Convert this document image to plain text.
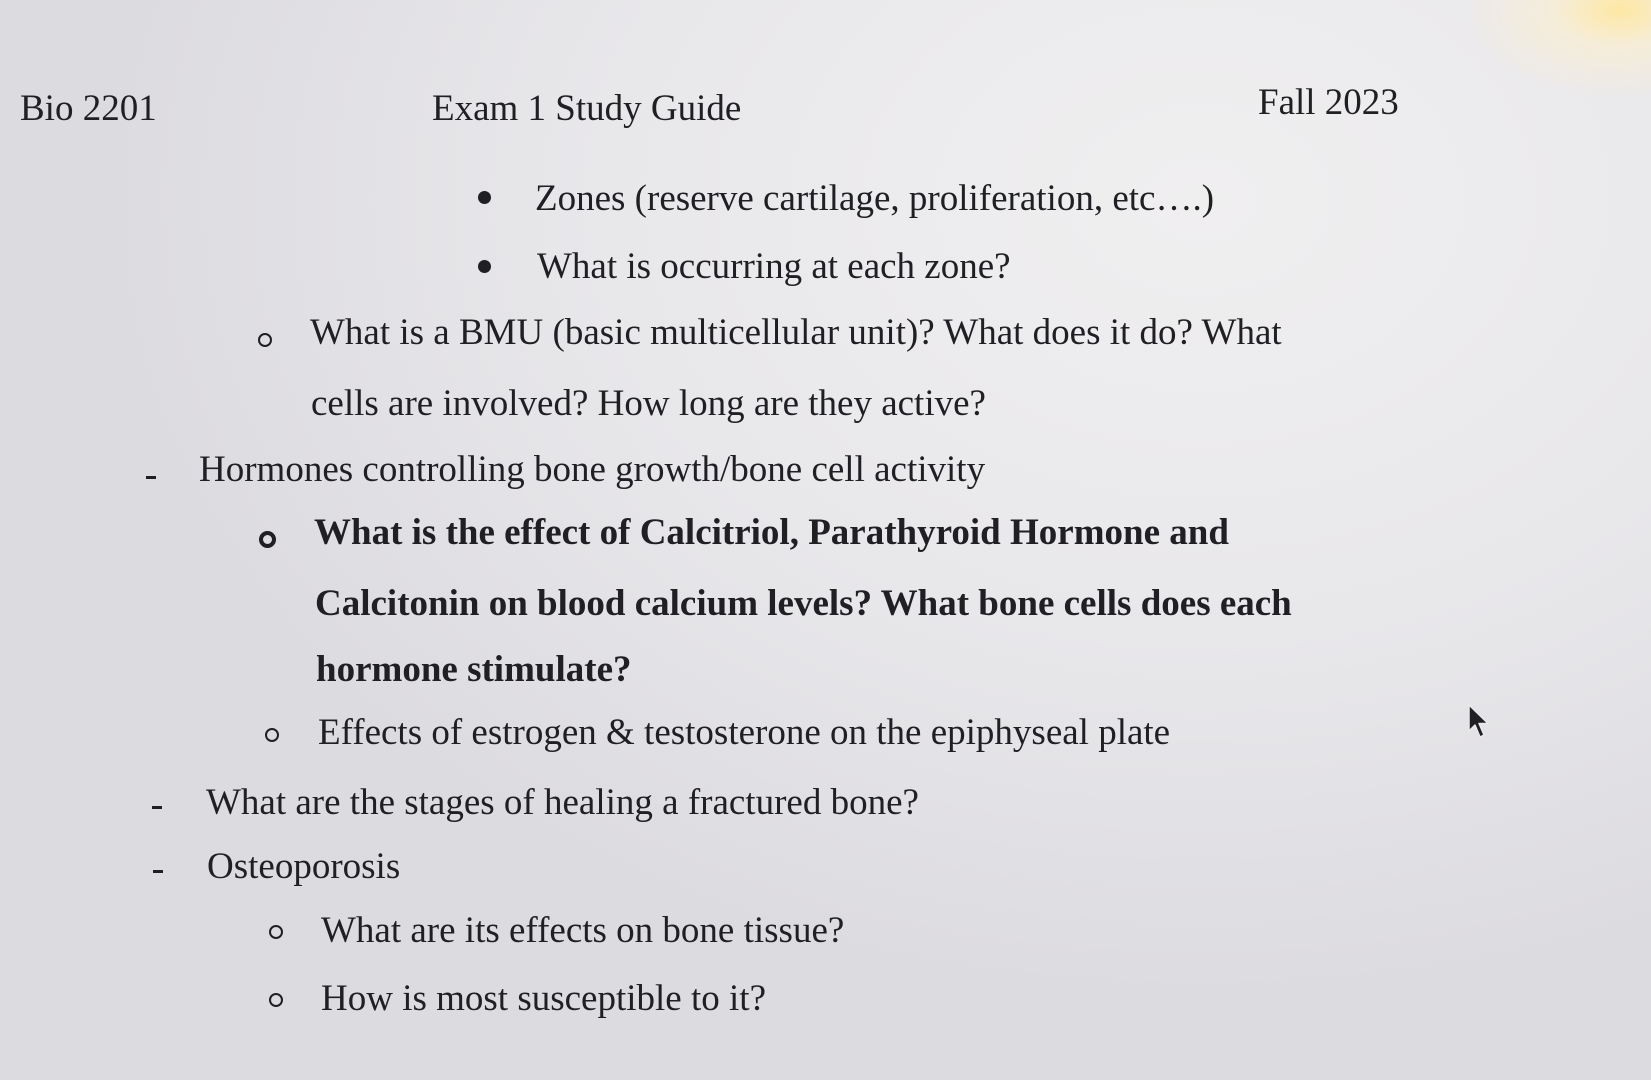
Bio 2201	Exam 1 Study Guide	Fall 2023
Zones (reserve cartilage, proliferation, etc….)
What is occurring at each zone?
What is a BMU (basic multicellular unit)? What does it do? What
cells are involved? How long are they active?
Hormones controlling bone growth/bone cell activity
What is the effect of Calcitriol, Parathyroid Hormone and
Calcitonin on blood calcium levels? What bone cells does each
hormone stimulate?
Effects of estrogen & testosterone on the epiphyseal plate
What are the stages of healing a fractured bone?
Osteoporosis
What are its effects on bone tissue?
How is most susceptible to it?
